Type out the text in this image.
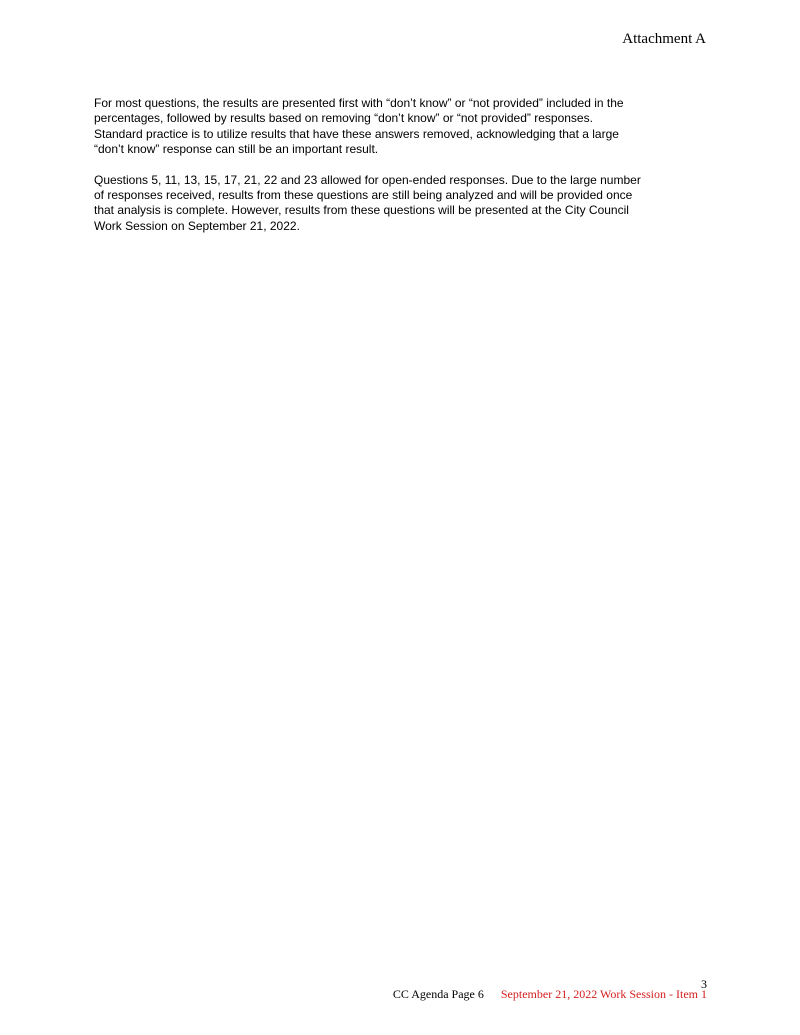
Attachment A

For most questions, the results are presented first with “don’t know” or “not provided” included in the
percentages, followed by results based on removing “don’t know” or “not provided” responses.
Standard practice is to utilize results that have these answers removed, acknowledging that a large
“don’t know” response can still be an important result.

Questions 5, 11, 13, 15, 17, 21, 22 and 23 allowed for open-ended responses. Due to the large number
of responses received, results from these questions are still being analyzed and will be provided once
that analysis is complete. However, results from these questions will be presented at the City Council
Work Session on September 21, 2022.

3
CC Agenda Page 6 September 21, 2022 Work Session - Item 1
